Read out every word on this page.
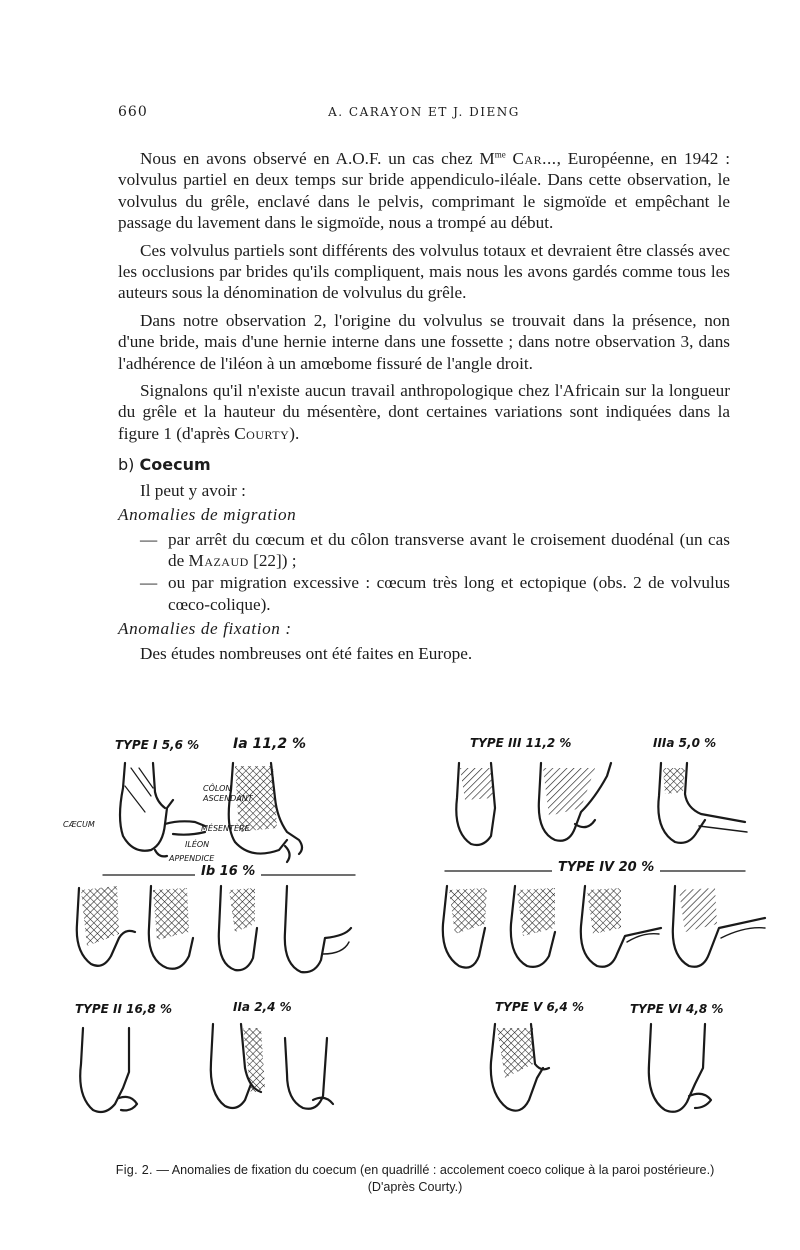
660	A. CARAYON ET J. DIENG

Nous en avons observé en A.O.F. un cas chez $M^{me}$ Car..., Européenne, en 1942 : volvulus partiel en deux temps sur bride appendiculo-iléale. Dans cette observation, le volvulus du grêle, enclavé dans le pelvis, comprimant le sigmoïde et empêchant le passage du lavement dans le sigmoïde, nous a trompé au début.

Ces volvulus partiels sont différents des volvulus totaux et devraient être classés avec les occlusions par brides qu'ils compliquent, mais nous les avons gardés comme tous les auteurs sous la dénomination de volvulus du grêle.

Dans notre observation 2, l'origine du volvulus se trouvait dans la présence, non d'une bride, mais d'une hernie interne dans une fossette ; dans notre observation 3, dans l'adhérence de l'iléon à un amœbome fissuré de l'angle droit.

Signalons qu'il n'existe aucun travail anthropologique chez l'Africain sur la longueur du grêle et la hauteur du mésentère, dont certaines variations sont indiquées dans la figure 1 (d'après Courty).

b) Coecum
Il peut y avoir :
Anomalies de migration
— par arrêt du cœcum et du côlon transverse avant le croisement duodénal (un cas de Mazaud [22]) ;
— ou par migration excessive : cœcum très long et ectopique (obs. 2 de volvulus cœco-colique).
Anomalies de fixation :
Des études nombreuses ont été faites en Europe.
TYPE I 5,6 % Ia 11,2 %	TYPE III 11,2 %	IIIa 5,0 %
Ib 16 %	TYPE IV 20 %
TYPE II 16,8 %	IIa 2,4 %	TYPE V 6,4 %	TYPE VI 4,8 %
CÆCUM
CÔLON ASCENDANT
MÉSENTÈRE
ILÉON
APPENDICE
Fig. 2. — Anomalies de fixation du coecum (en quadrillé : accolement coeco colique à la paroi postérieure.) (D'après Courty.)
